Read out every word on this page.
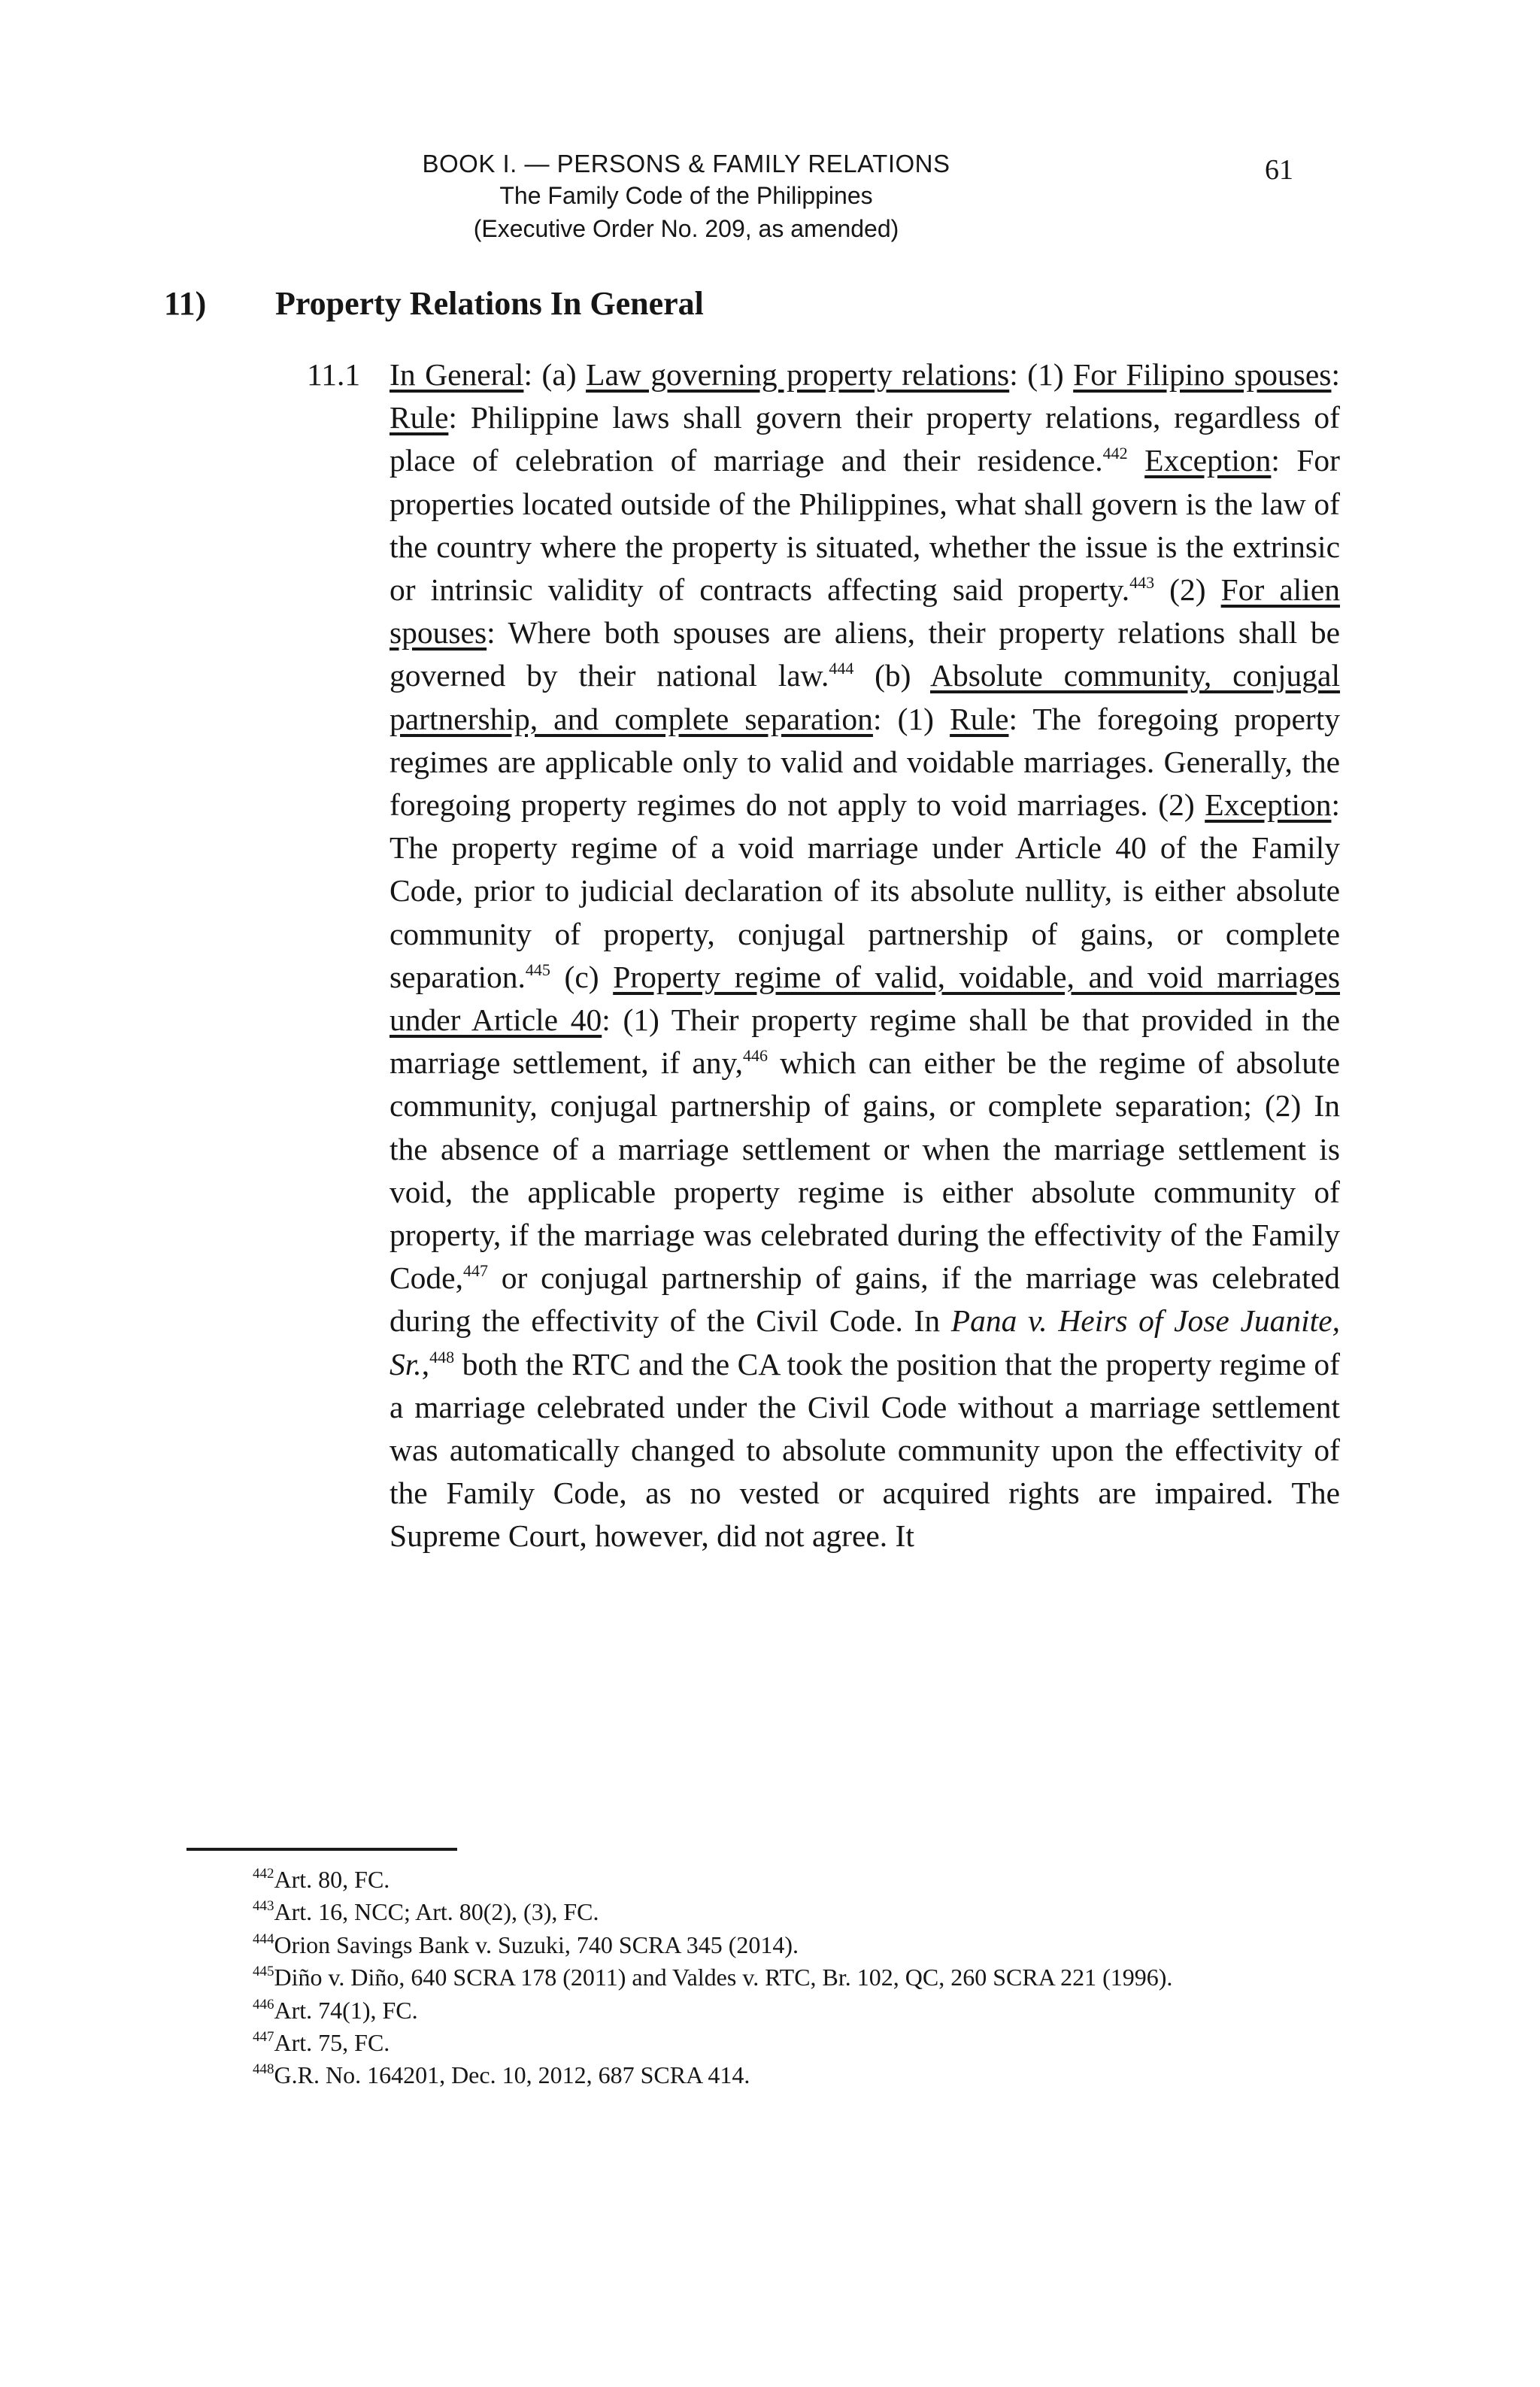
BOOK I. — PERSONS & FAMILY RELATIONS
The Family Code of the Philippines
(Executive Order No. 209, as amended)
61
11) Property Relations In General
11.1 In General: (a) Law governing property relations: (1) For Filipino spouses: Rule: Philippine laws shall govern their property relations, regardless of place of celebration of marriage and their residence.$^{442}$ Exception: For properties located outside of the Philippines, what shall govern is the law of the country where the property is situated, whether the issue is the extrinsic or intrinsic validity of contracts affecting said property.$^{443}$ (2) For alien spouses: Where both spouses are aliens, their property relations shall be governed by their national law.$^{444}$ (b) Absolute community, conjugal partnership, and complete separation: (1) Rule: The foregoing property regimes are applicable only to valid and voidable marriages. Generally, the foregoing property regimes do not apply to void marriages. (2) Exception: The property regime of a void marriage under Article 40 of the Family Code, prior to judicial declaration of its absolute nullity, is either absolute community of property, conjugal partnership of gains, or complete separation.$^{445}$ (c) Property regime of valid, voidable, and void marriages under Article 40: (1) Their property regime shall be that provided in the marriage settlement, if any,$^{446}$ which can either be the regime of absolute community, conjugal partnership of gains, or complete separation; (2) In the absence of a marriage settlement or when the marriage settlement is void, the applicable property regime is either absolute community of property, if the marriage was celebrated during the effectivity of the Family Code,$^{447}$ or conjugal partnership of gains, if the marriage was celebrated during the effectivity of the Civil Code. In Pana v. Heirs of Jose Juanite, Sr.,$^{448}$ both the RTC and the CA took the position that the property regime of a marriage celebrated under the Civil Code without a marriage settlement was automatically changed to absolute community upon the effectivity of the Family Code, as no vested or acquired rights are impaired. The Supreme Court, however, did not agree. It
$^{442}$Art. 80, FC.
$^{443}$Art. 16, NCC; Art. 80(2), (3), FC.
$^{444}$Orion Savings Bank v. Suzuki, 740 SCRA 345 (2014).
$^{445}$Diño v. Diño, 640 SCRA 178 (2011) and Valdes v. RTC, Br. 102, QC, 260 SCRA 221 (1996).
$^{446}$Art. 74(1), FC.
$^{447}$Art. 75, FC.
$^{448}$G.R. No. 164201, Dec. 10, 2012, 687 SCRA 414.
